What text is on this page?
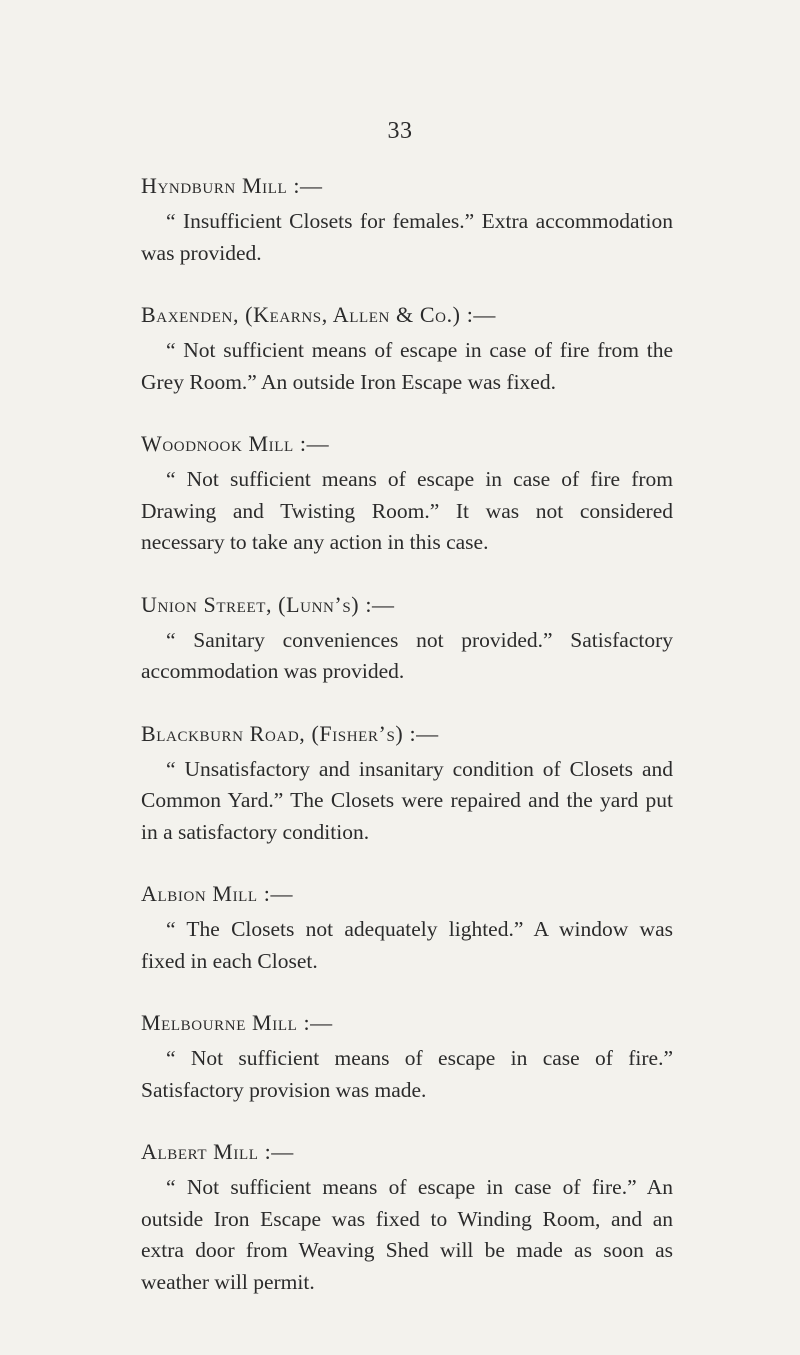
33
Hyndburn Mill :—
“ Insufficient Closets for females.” Extra accommodation was provided.
Baxenden, (Kearns, Allen & Co.) :—
“ Not sufficient means of escape in case of fire from the Grey Room.” An outside Iron Escape was fixed.
Woodnook Mill :—
“ Not sufficient means of escape in case of fire from Drawing and Twisting Room.” It was not considered necessary to take any action in this case.
Union Street, (Lunn’s) :—
“ Sanitary conveniences not provided.” Satisfactory accommodation was provided.
Blackburn Road, (Fisher’s) :—
“ Unsatisfactory and insanitary condition of Closets and Common Yard.” The Closets were repaired and the yard put in a satisfactory condition.
Albion Mill :—
“ The Closets not adequately lighted.” A window was fixed in each Closet.
Melbourne Mill :—
“ Not sufficient means of escape in case of fire.” Satisfactory provision was made.
Albert Mill :—
“ Not sufficient means of escape in case of fire.” An outside Iron Escape was fixed to Winding Room, and an extra door from Weaving Shed will be made as soon as weather will permit.
